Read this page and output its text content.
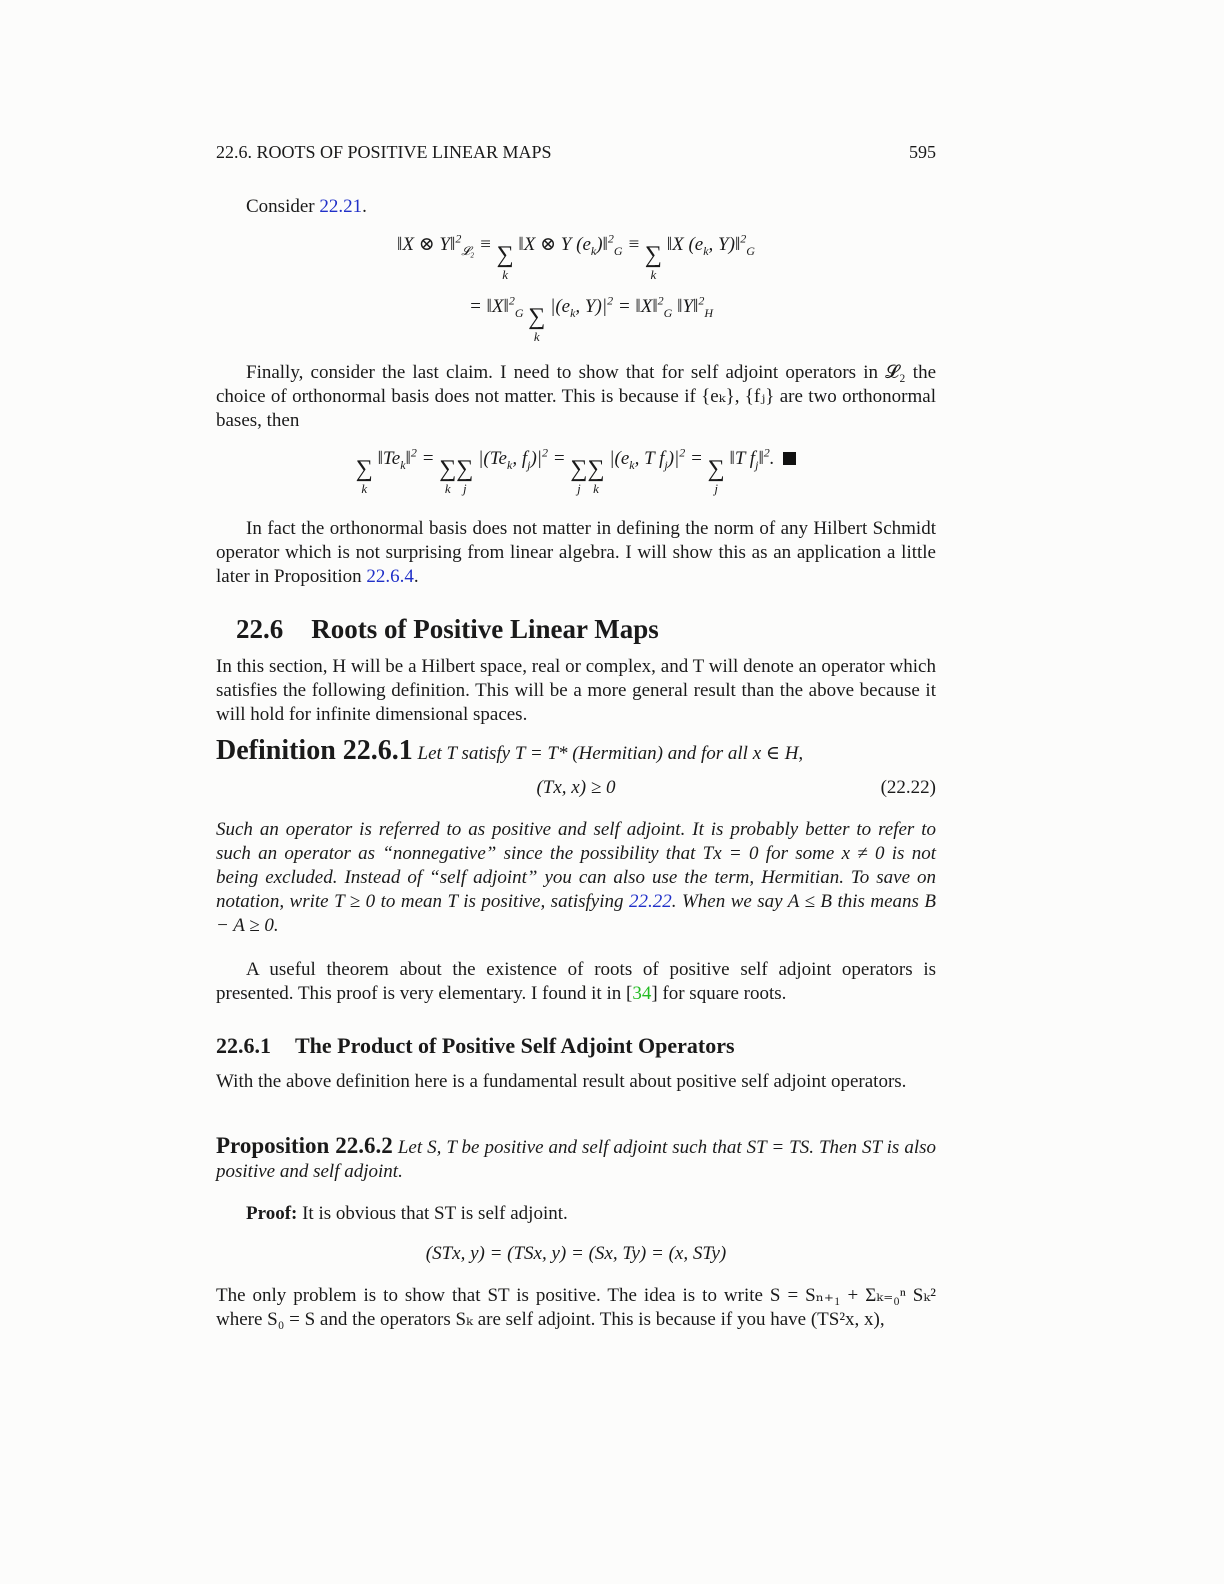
22.6. ROOTS OF POSITIVE LINEAR MAPS	595

Consider 22.21.

‖X ⊗ Y‖$^2_{𝓛_2}$ ≡ ∑
k
‖X ⊗ Y $(e_k)‖^2_G$ ≡ ∑
k
‖X ($e_k$, Y)‖$^2_G$
= ‖X‖$^2_G$ ∑
k
$|(e_k$, $Y)|^2$ = ‖X‖$^2_G$ ‖Y‖$^2_H$

Finally, consider the last claim. I need to show that for self adjoint operators in 𝓛₂ the choice of orthonormal basis does not matter. This is because if {eₖ}, {fⱼ} are two orthonormal bases, then

∑
k
$‖Te_k‖^2$ = ∑
k
∑
j
$|(Te_k$, $f_j)|^2$ = ∑
j
∑
k
$|(e_k$, T $f_j)|^2$ = ∑
j
‖T $f_j‖^2$.

In fact the orthonormal basis does not matter in defining the norm of any Hilbert Schmidt operator which is not surprising from linear algebra. I will show this as an application a little later in Proposition 22.6.4.

22.6 Roots of Positive Linear Maps

In this section, H will be a Hilbert space, real or complex, and T will denote an operator which satisfies the following definition. This will be a more general result than the above because it will hold for infinite dimensional spaces.

Definition 22.6.1 Let T satisfy T = T* (Hermitian) and for all x ∈ H,

(Tx, x) ≥ 0	(22.22)

Such an operator is referred to as positive and self adjoint. It is probably better to refer to such an operator as “nonnegative” since the possibility that Tx = 0 for some x ≠ 0 is not being excluded. Instead of “self adjoint” you can also use the term, Hermitian. To save on notation, write T ≥ 0 to mean T is positive, satisfying 22.22. When we say A ≤ B this means B − A ≥ 0.

A useful theorem about the existence of roots of positive self adjoint operators is presented. This proof is very elementary. I found it in [34] for square roots.

22.6.1 The Product of Positive Self Adjoint Operators

With the above definition here is a fundamental result about positive self adjoint operators.

Proposition 22.6.2 Let S, T be positive and self adjoint such that ST = TS. Then ST is also positive and self adjoint.

Proof: It is obvious that ST is self adjoint.

(STx, y) = (TSx, y) = (Sx, Ty) = (x, STy)

The only problem is to show that ST is positive. The idea is to write S = Sₙ₊₁ + Σₖ₌₀ⁿ Sₖ² where S₀ = S and the operators Sₖ are self adjoint. This is because if you have (TS²x, x),
